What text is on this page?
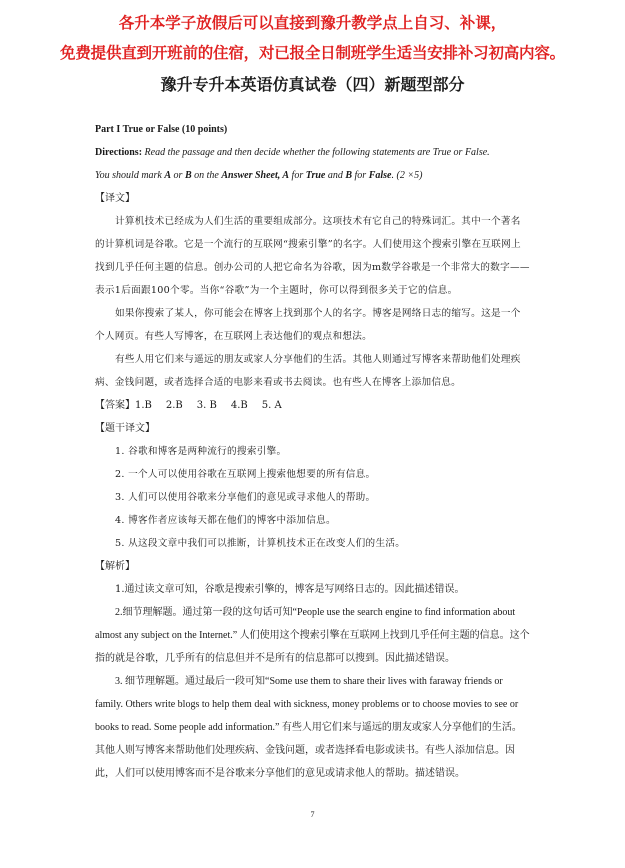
各升本学子放假后可以直接到豫升教学点上自习、补课，
免费提供直到开班前的住宿，对已报全日制班学生适当安排补习初高内容。
豫升专升本英语仿真试卷（四）新题型部分

Part I True or False (10 points)

Directions: Read the passage and then decide whether the following statements are True or False.

You should mark A or B on the Answer Sheet, A for True and B for False. (2 ×5)

【译文】

计算机技术已经成为人们生活的重要组成部分。这项技术有它自己的特殊词汇。其中一个著名的计算机词是谷歌。它是一个流行的互联网“搜索引擎”的名字。人们使用这个搜索引擎在互联网上找到几乎任何主题的信息。创办公司的人把它命名为谷歌，因为m数学谷歌是一个非常大的数字——表示1后面跟100个零。当你“谷歌”为一个主题时，你可以得到很多关于它的信息。

如果你搜索了某人，你可能会在博客上找到那个人的名字。博客是网络日志的缩写。这是一个个人网页。有些人写博客，在互联网上表达他们的观点和想法。

有些人用它们来与遥远的朋友或家人分享他们的生活。其他人则通过写博客来帮助他们处理疾病、金钱问题，或者选择合适的电影来看或书去阅读。也有些人在博客上添加信息。

【答案】1.B 2.B 3. B 4.B 5. A

【题干译文】

1. 谷歌和博客是两种流行的搜索引擎。

2. 一个人可以使用谷歌在互联网上搜索他想要的所有信息。

3. 人们可以使用谷歌来分享他们的意见或寻求他人的帮助。

4. 博客作者应该每天都在他们的博客中添加信息。

5. 从这段文章中我们可以推断，计算机技术正在改变人们的生活。

【解析】

1.通过读文章可知，谷歌是搜索引擎的，博客是写网络日志的。因此描述错误。

2.细节理解题。通过第一段的这句话可知“People use the search engine to find information about almost any subject on the Internet.” 人们使用这个搜索引擎在互联网上找到几乎任何主题的信息。这个指的就是谷歌，几乎所有的信息但并不是所有的信息都可以搜到。因此描述错误。

3. 细节理解题。通过最后一段可知“Some use them to share their lives with faraway friends or family. Others write blogs to help them deal with sickness, money problems or to choose movies to see or books to read. Some people add information.” 有些人用它们来与遥远的朋友或家人分享他们的生活。其他人则写博客来帮助他们处理疾病、金钱问题，或者选择看电影或读书。有些人添加信息。因此，人们可以使用博客而不是谷歌来分享他们的意见或请求他人的帮助。描述错误。

7
